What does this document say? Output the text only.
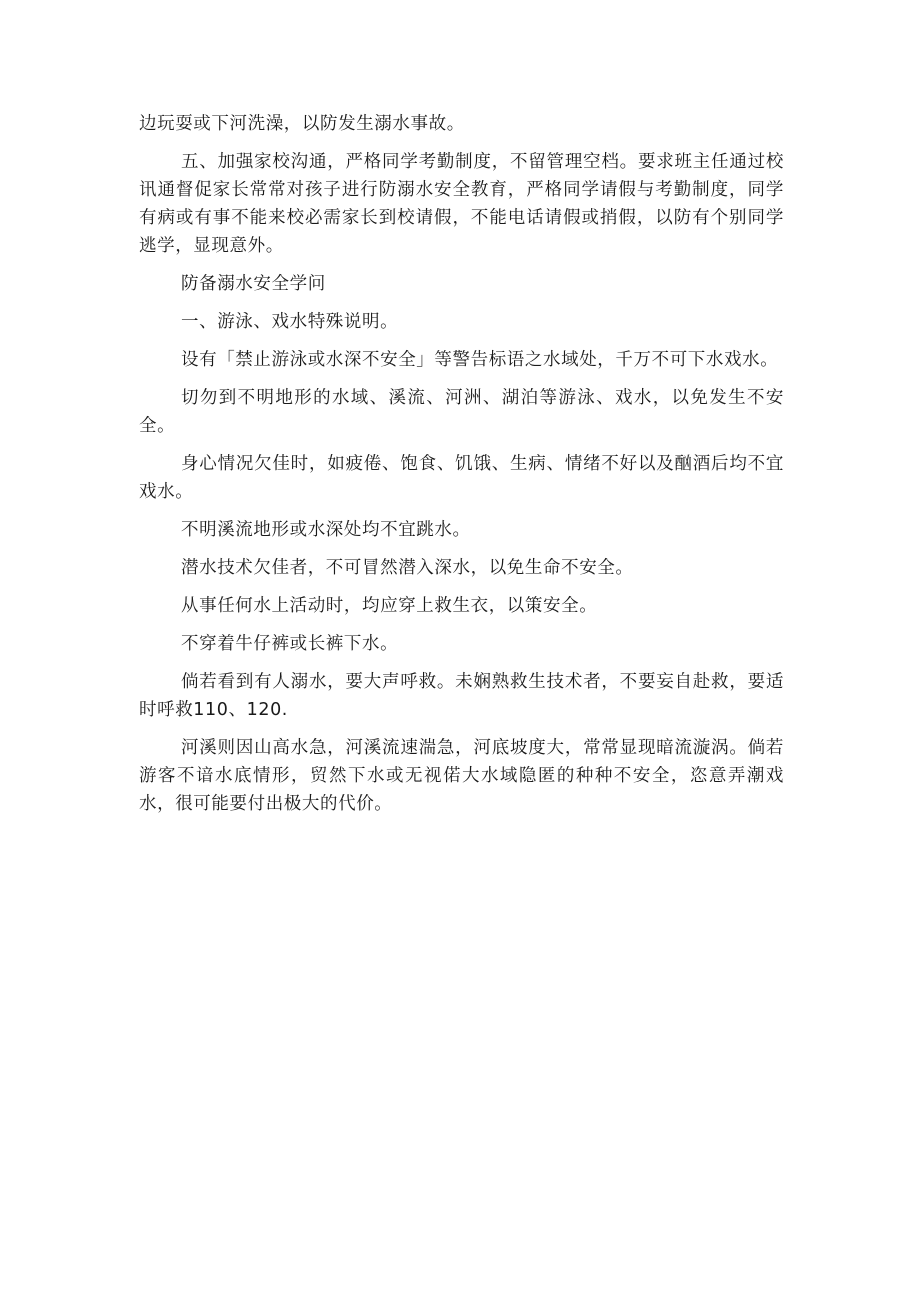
边玩耍或下河洗澡，以防发生溺水事故。

五、加强家校沟通，严格同学考勤制度，不留管理空档。要求班主任通过校讯通督促家长常常对孩子进行防溺水安全教育，严格同学请假与考勤制度，同学有病或有事不能来校必需家长到校请假，不能电话请假或捎假，以防有个别同学逃学，显现意外。

防备溺水安全学问

一、游泳、戏水特殊说明。

设有「禁止游泳或水深不安全」等警告标语之水域处，千万不可下水戏水。

切勿到不明地形的水域、溪流、河洲、湖泊等游泳、戏水，以免发生不安全。

身心情况欠佳时，如疲倦、饱食、饥饿、生病、情绪不好以及酗酒后均不宜戏水。

不明溪流地形或水深处均不宜跳水。

潜水技术欠佳者，不可冒然潜入深水，以免生命不安全。

从事任何水上活动时，均应穿上救生衣，以策安全。

不穿着牛仔裤或长裤下水。

倘若看到有人溺水，要大声呼救。未娴熟救生技术者，不要妄自赴救，要适时呼救110、120.

河溪则因山高水急，河溪流速湍急，河底坡度大，常常显现暗流漩涡。倘若游客不谙水底情形，贸然下水或无视偌大水域隐匿的种种不安全，恣意弄潮戏水，很可能要付出极大的代价。
